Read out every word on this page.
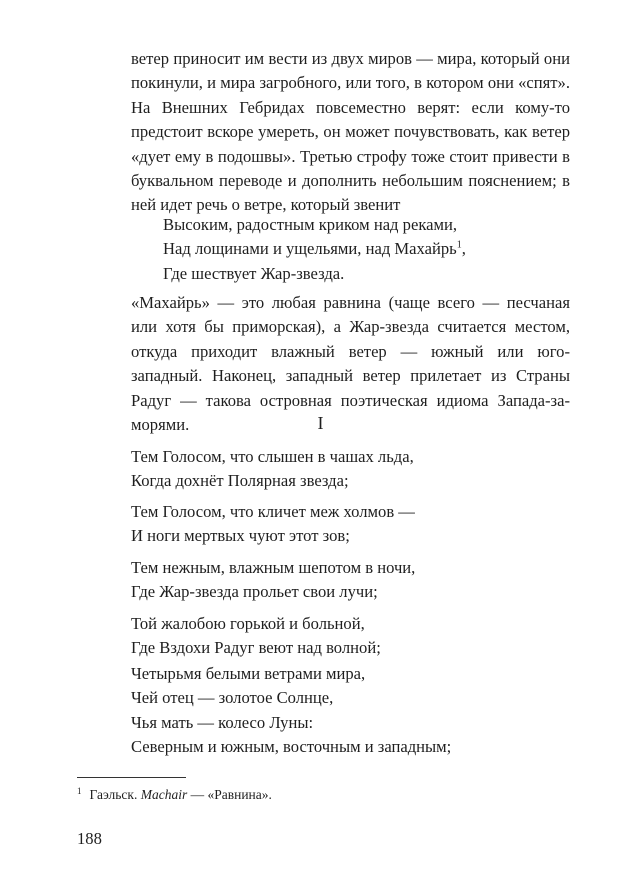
ветер приносит им вести из двух миров — мира, который они покинули, и мира загробного, или того, в котором они «спят». На Внешних Гебридах повсеместно верят: если кому-то предстоит вскоре умереть, он может почувствовать, как ветер «дует ему в подошвы». Третью строфу тоже стоит привести в буквальном переводе и дополнить небольшим пояснением; в ней идет речь о ветре, который звенит

Высоким, радостным криком над реками,
Над лощинами и ущельями, над Махайрь$^1$,
Где шествует Жар-звезда.

«Махайрь» — это любая равнина (чаще всего — песчаная или хотя бы приморская), а Жар-звезда считается местом, откуда приходит влажный ветер — южный или юго-западный. Наконец, западный ветер прилетает из Страны Радуг — такова островная поэтическая идиома Запада-за-морями.	I
Тем Голосом, что слышен в чашах льда,
Когда дохнёт Полярная звезда;
Тем Голосом, что кличет меж холмов —
И ноги мертвых чуют этот зов;
Тем нежным, влажным шепотом в ночи,
Где Жар-звезда прольет свои лучи;
Той жалобою горькой и больной,
Где Вздохи Радуг веют над волной;
Четырьмя белыми ветрами мира,
Чей отец — золотое Солнце,
Чья мать — колесо Луны:
Северным и южным, восточным и западным;
$^1$ Гаэльск. Machair — «Равнина».
188
